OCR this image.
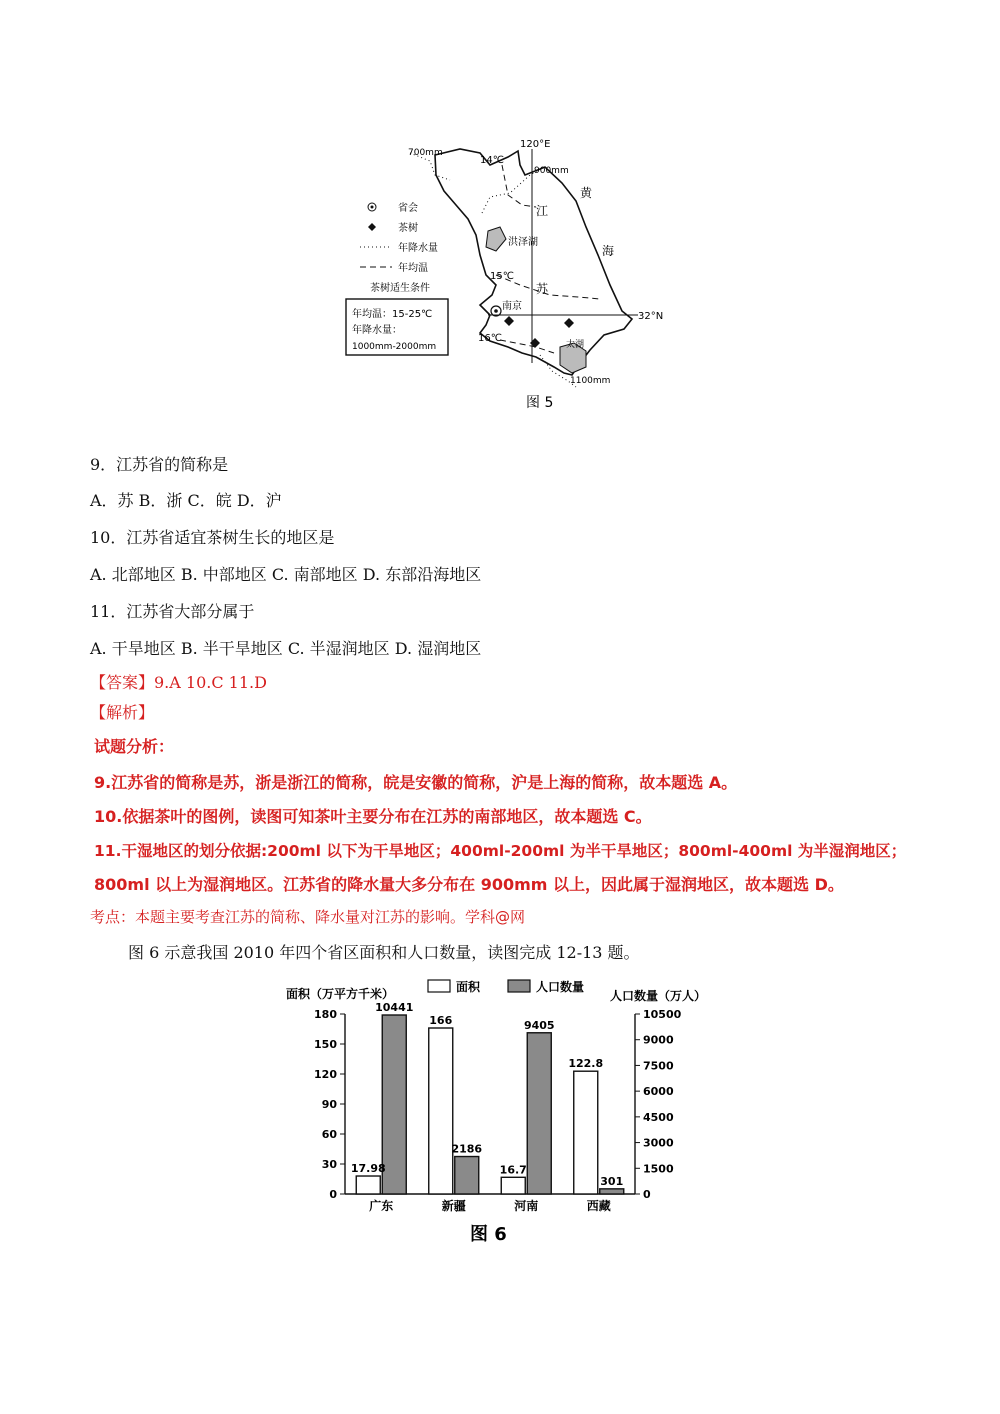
120°E
32°N
700mm
900mm
1100mm
14℃
15℃
16℃
黄
海
江
苏
洪泽湖
南京
太湖
省会
茶树
年降水量
年均温
茶树适生条件
年均温：15-25℃
年降水量：
1000mm-2000mm
图 5
9．江苏省的简称是
A．苏 B．浙 C．皖 D．沪
10．江苏省适宜茶树生长的地区是
A. 北部地区 B. 中部地区 C. 南部地区 D. 东部沿海地区
11．江苏省大部分属于
A. 干旱地区 B. 半干旱地区 C. 半湿润地区 D. 湿润地区
【答案】9.A 10.C 11.D
【解析】
试题分析：
9.江苏省的简称是苏，浙是浙江的简称，皖是安徽的简称，沪是上海的简称，故本题选 A。
10.依据茶叶的图例，读图可知茶叶主要分布在江苏的南部地区，故本题选 C。
11.干湿地区的划分依据:200ml 以下为干旱地区；400ml-200ml 为半干旱地区；800ml-400ml 为半湿润地区；
800ml 以上为湿润地区。江苏省的降水量大多分布在 900mm 以上，因此属于湿润地区，故本题选 D。
考点：本题主要考查江苏的简称、降水量对江苏的影响。学科@网
图 6 示意我国 2010 年四个省区面积和人口数量，读图完成 12-13 题。
面积（万平方千米）	人口数量（万人）
面积	人口数量
0
30
60
90
120
150
180
0
1500
3000
4500
6000
7500
9000
10500
17.98
10441
广东
166
2186
新疆
16.7
9405
河南
122.8
301
西藏
图 6
